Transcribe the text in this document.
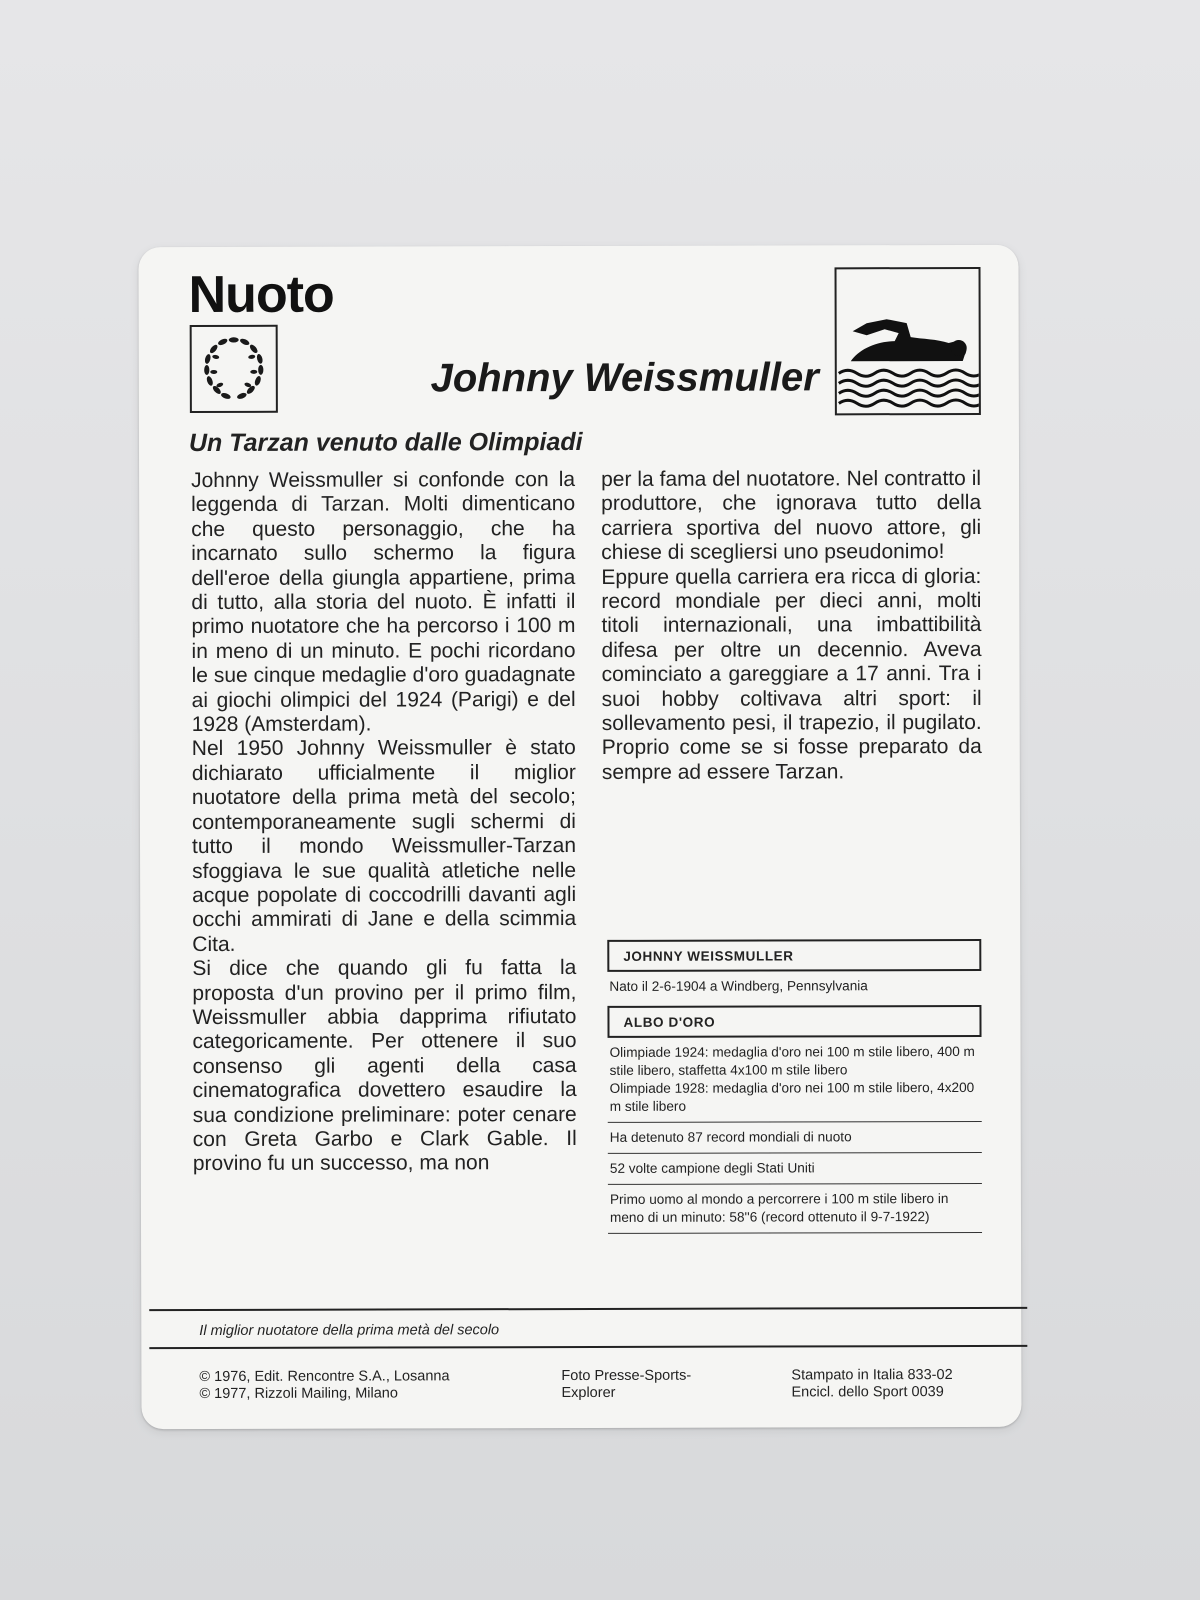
Nuoto
Johnny Weissmuller
Un Tarzan venuto dalle Olimpiadi

Johnny Weissmuller si confonde con la leggenda di Tarzan. Molti dimenticano che questo personaggio, che ha incarnato sullo schermo la figura dell'eroe della giungla appartiene, prima di tutto, alla storia del nuoto. È infatti il primo nuotatore che ha percorso i 100 m in meno di un minuto. E pochi ricordano le sue cinque medaglie d'oro guadagnate ai giochi olimpici del 1924 (Parigi) e del 1928 (Amsterdam).

Nel 1950 Johnny Weissmuller è stato dichiarato ufficialmente il miglior nuotatore della prima metà del secolo; contemporaneamente sugli schermi di tutto il mondo Weissmuller-Tarzan sfoggiava le sue qualità atletiche nelle acque popolate di coccodrilli davanti agli occhi ammirati di Jane e della scimmia Cita.

Si dice che quando gli fu fatta la proposta d'un provino per il primo film, Weissmuller abbia dapprima rifiutato categoricamente. Per ottenere il suo consenso gli agenti della casa cinematografica dovettero esaudire la sua condizione preliminare: poter cenare con Greta Garbo e Clark Gable. Il provino fu un successo, ma non

per la fama del nuotatore. Nel contratto il produttore, che ignorava tutto della carriera sportiva del nuovo attore, gli chiese di scegliersi uno pseudonimo!

Eppure quella carriera era ricca di gloria: record mondiale per dieci anni, molti titoli internazionali, una imbattibilità difesa per oltre un decennio. Aveva cominciato a gareggiare a 17 anni. Tra i suoi hobby coltivava altri sport: il sollevamento pesi, il trapezio, il pugilato. Proprio come se si fosse preparato da sempre ad essere Tarzan.

JOHNNY WEISSMULLER
Nato il 2-6-1904 a Windberg, Pennsylvania
ALBO D'ORO
Olimpiade 1924: medaglia d'oro nei 100 m stile libero, 400 m stile libero, staffetta 4x100 m stile libero
Olimpiade 1928: medaglia d'oro nei 100 m stile libero, 4x200 m stile libero
Ha detenuto 87 record mondiali di nuoto
52 volte campione degli Stati Uniti
Primo uomo al mondo a percorrere i 100 m stile libero in meno di un minuto: 58''6 (record ottenuto il 9-7-1922)

Il miglior nuotatore della prima metà del secolo

© 1976, Edit. Rencontre S.A., Losanna
© 1977, Rizzoli Mailing, Milano
Foto Presse-Sports-
Explorer
Stampato in Italia 833-02
Encicl. dello Sport 0039
